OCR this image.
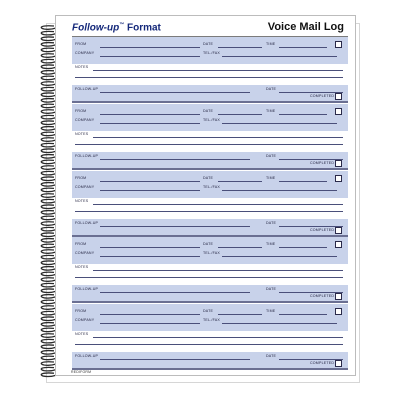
Follow-up™ Format	Voice Mail Log
FROM	DATE	TIME
COMPANY	TEL./FAX
NOTES
FOLLOW-UP	DATE
COMPLETED
FROM	DATE	TIME
COMPANY	TEL./FAX
NOTES
FOLLOW-UP	DATE
COMPLETED
FROM	DATE	TIME
COMPANY	TEL./FAX
NOTES
FOLLOW-UP	DATE
COMPLETED
FROM	DATE	TIME
COMPANY	TEL./FAX
NOTES
FOLLOW-UP	DATE
COMPLETED
FROM	DATE	TIME
COMPANY	TEL./FAX
NOTES
FOLLOW-UP	DATE
COMPLETED
REDIFORM
